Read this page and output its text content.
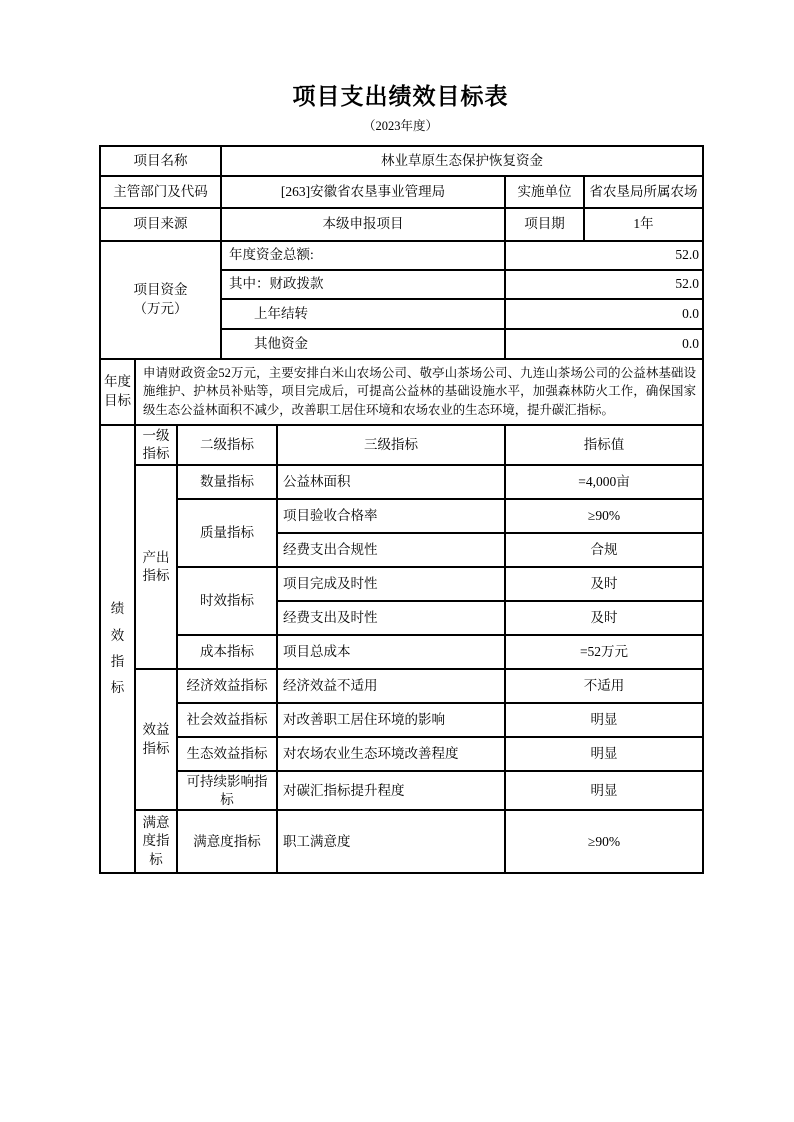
项目支出绩效目标表
（2023年度）
项目名称	林业草原生态保护恢复资金		
主管部门及代码	[263]安徽省农垦事业管理局	实施单位	省农垦局所属农场
项目来源	本级申报项目	项目期	1年

项目资金
（万元）	年度资金总额:	52.0	
	其中：财政拨款	52.0	
	上年结转	0.0	
	其他资金	0.0	
年度目标	申请财政资金52万元，主要安排白米山农场公司、敬亭山茶场公司、九连山茶场公司的公益林基础设施维护、护林员补贴等，项目完成后，可提高公益林的基础设施水平，加强森林防火工作，确保国家级生态公益林面积不减少，改善职工居住环境和农场农业的生态环境，提升碳汇指标。
绩效指标	一级指标	二级指标	三级指标	指标值
	产出指标	数量指标	公益林面积	=4,000亩
		质量指标	项目验收合格率	≥90%
			经费支出合规性	合规
		时效指标	项目完成及时性	及时
			经费支出及时性	及时
		成本指标	项目总成本	=52万元
	效益指标	经济效益指标	经济效益不适用	不适用
		社会效益指标	对改善职工居住环境的影响	明显
		生态效益指标	对农场农业生态环境改善程度	明显
		可持续影响指标	对碳汇指标提升程度	明显
	满意度指标	满意度指标	职工满意度	≥90%
